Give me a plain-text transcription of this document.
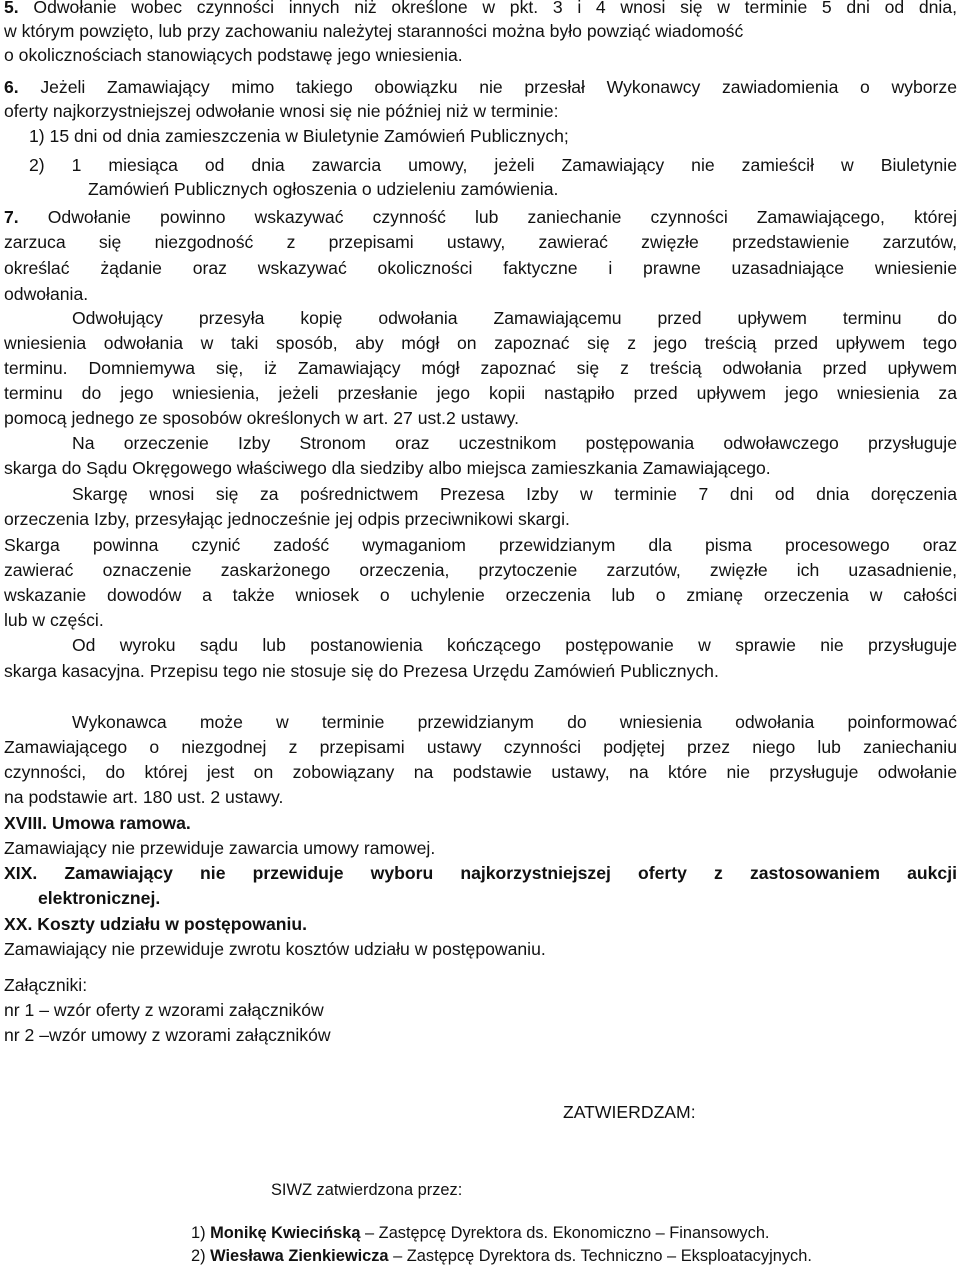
5. Odwołanie wobec czynności innych niż określone w pkt. 3 i 4 wnosi się w terminie 5 dni od dnia,
w którym powzięto, lub przy zachowaniu należytej staranności można było powziąć wiadomość
o okolicznościach stanowiących podstawę jego wniesienia.
6. Jeżeli Zamawiający mimo takiego obowiązku nie przesłał Wykonawcy zawiadomienia o wyborze
oferty najkorzystniejszej odwołanie wnosi się nie później niż w terminie:
1) 15 dni od dnia zamieszczenia w Biuletynie Zamówień Publicznych;
2) 1 miesiąca od dnia zawarcia umowy, jeżeli Zamawiający nie zamieścił w Biuletynie
Zamówień Publicznych ogłoszenia o udzieleniu zamówienia.
7. Odwołanie powinno wskazywać czynność lub zaniechanie czynności Zamawiającego, której
zarzuca się niezgodność z przepisami ustawy, zawierać zwięzłe przedstawienie zarzutów,
określać żądanie oraz wskazywać okoliczności faktyczne i prawne uzasadniające wniesienie
odwołania.
Odwołujący przesyła kopię odwołania Zamawiającemu przed upływem terminu do
wniesienia odwołania w taki sposób, aby mógł on zapoznać się z jego treścią przed upływem tego
terminu. Domniemywa się, iż Zamawiający mógł zapoznać się z treścią odwołania przed upływem
terminu do jego wniesienia, jeżeli przesłanie jego kopii nastąpiło przed upływem jego wniesienia za
pomocą jednego ze sposobów określonych w art. 27 ust.2 ustawy.
Na orzeczenie Izby Stronom oraz uczestnikom postępowania odwoławczego przysługuje
skarga do Sądu Okręgowego właściwego dla siedziby albo miejsca zamieszkania Zamawiającego.
Skargę wnosi się za pośrednictwem Prezesa Izby w terminie 7 dni od dnia doręczenia
orzeczenia Izby, przesyłając jednocześnie jej odpis przeciwnikowi skargi.
Skarga powinna czynić zadość wymaganiom przewidzianym dla pisma procesowego oraz
zawierać oznaczenie zaskarżonego orzeczenia, przytoczenie zarzutów, zwięzłe ich uzasadnienie,
wskazanie dowodów a także wniosek o uchylenie orzeczenia lub o zmianę orzeczenia w całości
lub w części.
Od wyroku sądu lub postanowienia kończącego postępowanie w sprawie nie przysługuje
skarga kasacyjna. Przepisu tego nie stosuje się do Prezesa Urzędu Zamówień Publicznych.
Wykonawca może w terminie przewidzianym do wniesienia odwołania poinformować
Zamawiającego o niezgodnej z przepisami ustawy czynności podjętej przez niego lub zaniechaniu
czynności, do której jest on zobowiązany na podstawie ustawy, na które nie przysługuje odwołanie
na podstawie art. 180 ust. 2 ustawy.
XVIII. Umowa ramowa.
Zamawiający nie przewiduje zawarcia umowy ramowej.
XIX. Zamawiający nie przewiduje wyboru najkorzystniejszej oferty z zastosowaniem aukcji
elektronicznej.
XX. Koszty udziału w postępowaniu.
Zamawiający nie przewiduje zwrotu kosztów udziału w postępowaniu.
Załączniki:
nr 1 – wzór oferty z wzorami załączników
nr 2 –wzór umowy z wzorami załączników
ZATWIERDZAM:
SIWZ zatwierdzona przez:
1) Monikę Kwiecińską – Zastępcę Dyrektora ds. Ekonomiczno – Finansowych.
2) Wiesława Zienkiewicza – Zastępcę Dyrektora ds. Techniczno – Eksploatacyjnych.
